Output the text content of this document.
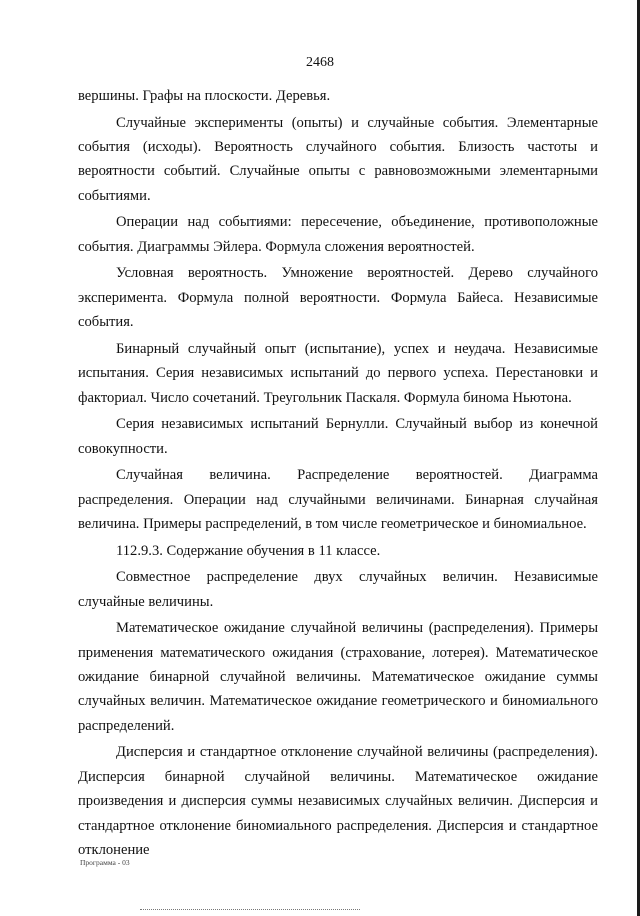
2468

вершины. Графы на плоскости. Деревья.

Случайные эксперименты (опыты) и случайные события. Элементарные события (исходы). Вероятность случайного события. Близость частоты и вероятности событий. Случайные опыты с равновозможными элементарными событиями.

Операции над событиями: пересечение, объединение, противоположные события. Диаграммы Эйлера. Формула сложения вероятностей.

Условная вероятность. Умножение вероятностей. Дерево случайного эксперимента. Формула полной вероятности. Формула Байеса. Независимые события.

Бинарный случайный опыт (испытание), успех и неудача. Независимые испытания. Серия независимых испытаний до первого успеха. Перестановки и факториал. Число сочетаний. Треугольник Паскаля. Формула бинома Ньютона.

Серия независимых испытаний Бернулли. Случайный выбор из конечной совокупности.

Случайная величина. Распределение вероятностей. Диаграмма распределения. Операции над случайными величинами. Бинарная случайная величина. Примеры распределений, в том числе геометрическое и биномиальное.

112.9.3. Содержание обучения в 11 классе.

Совместное распределение двух случайных величин. Независимые случайные величины.

Математическое ожидание случайной величины (распределения). Примеры применения математического ожидания (страхование, лотерея). Математическое ожидание бинарной случайной величины. Математическое ожидание суммы случайных величин. Математическое ожидание геометрического и биномиального распределений.

Дисперсия и стандартное отклонение случайной величины (распределения). Дисперсия бинарной случайной величины. Математическое ожидание произведения и дисперсия суммы независимых случайных величин. Дисперсия и стандартное отклонение биномиального распределения. Дисперсия и стандартное отклонение

Программа - 03
